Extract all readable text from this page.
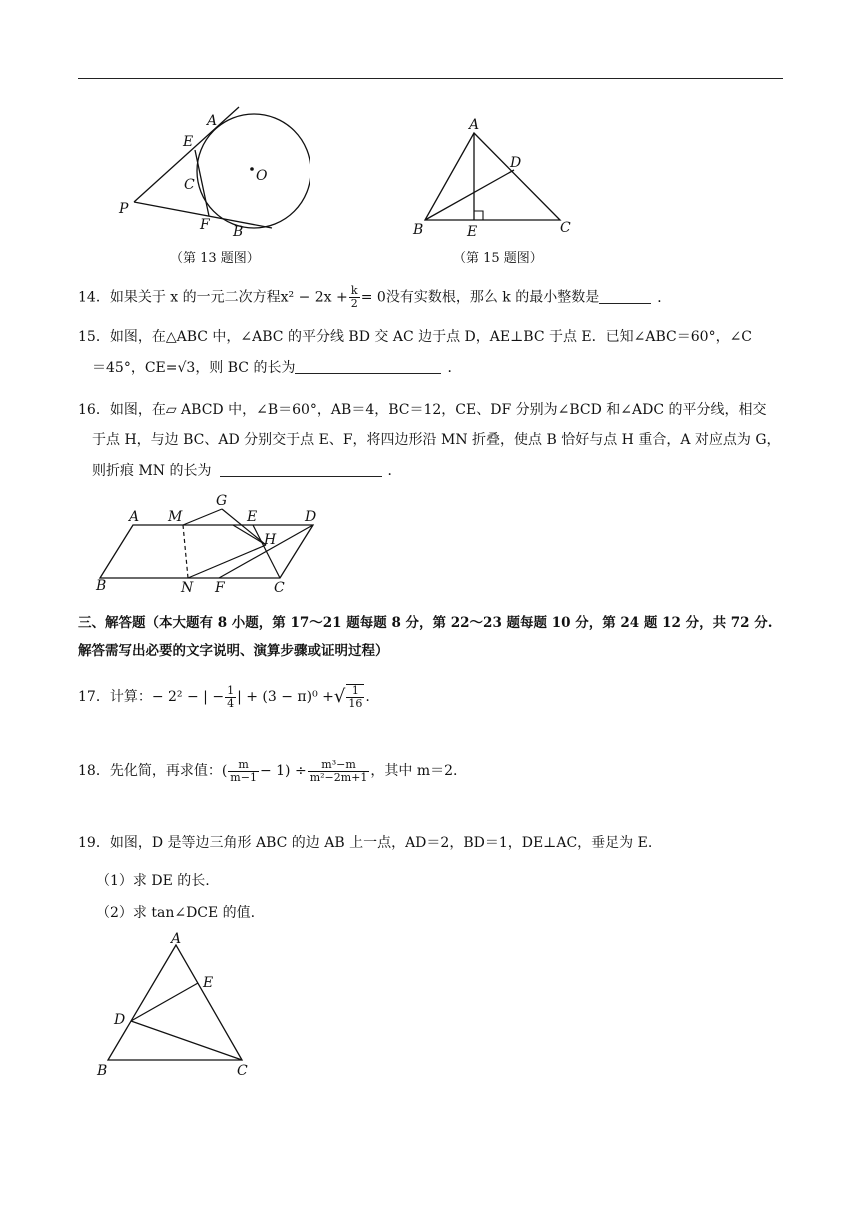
A
E
C
O
P
F B
（第 13 题图）
A
D
B	E	C
（第 15 题图）
14．如果关于 x 的一元二次方程$x^2 - 2x + \frac{k}{2} = 0$没有实数根，那么 k 的最小整数是	．
15．如图，在△ABC 中，∠ABC 的平分线 BD 交 AC 边于点 D，AE⊥BC 于点 E．已知∠ABC＝60°，∠C
＝45°，CE=√3，则 BC 的长为	．
16．如图，在▱ ABCD 中，∠B＝60°，AB＝4，BC＝12，CE、DF 分别为∠BCD 和∠ADC 的平分线，相交
于点 H，与边 BC、AD 分别交于点 E、F，将四边形沿 MN 折叠，使点 B 恰好与点 H 重合，A 对应点为 G，
则折痕 MN 的长为	．
A M
G
E	D
H
B	N F	C
三、解答题（本大题有 8 小题，第 17～21 题每题 8 分，第 22～23 题每题 10 分，第 24 题 12 分，共 72 分.
解答需写出必要的文字说明、演算步骤或证明过程）
17．计算：− 2² − | − $\frac{1}{4}$ | + (3 − π)⁰ +√ $\frac{1}{16}$ .
18．先化简，再求值：( $\frac{m}{m-1} - 1) \div \frac{\text{m³−m}}{\text{m²−2m+1}}$ ，其中 m＝2.
19．如图，D 是等边三角形 ABC 的边 AB 上一点，AD＝2，BD＝1，DE⊥AC，垂足为 E.
（1）求 DE 的长.
（2）求 tan∠DCE 的值.
A
E
D
B	C
